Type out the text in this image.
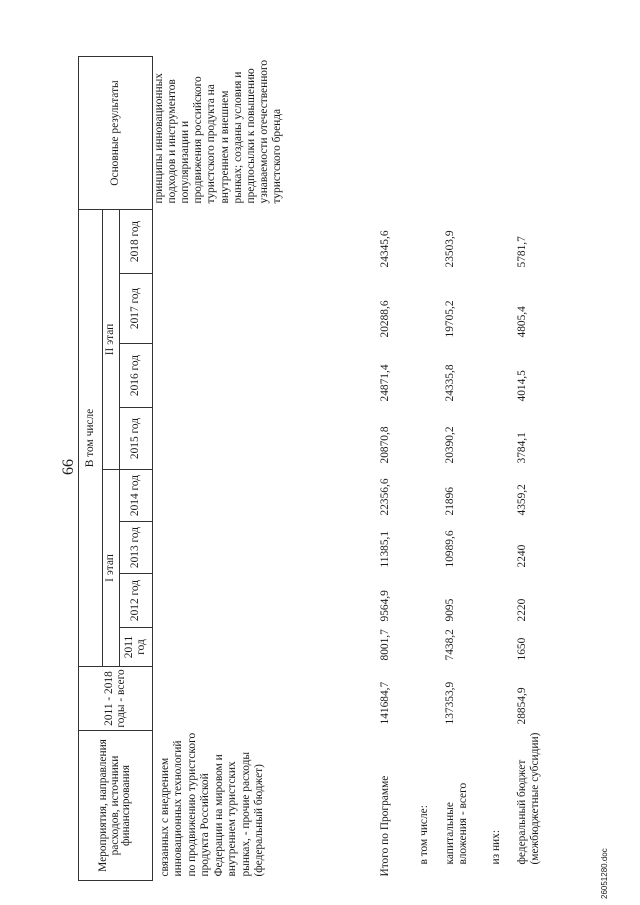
66
Мероприятия, направления расходов, источники финансирования	2011 - 2018 годы - всего	В том числе								Основные результаты
		I этап				II этап				
		2011 год	2012 год	2013 год	2014 год	2015 год	2016 год	2017 год	2018 год	

связанных с внедрением инновационных технологий по продвижению туристского продукта Российской Федерации на мировом и внутреннем туристских рынках, - прочие расходы (федеральный бюджет)										принципы инновационных подходов и инструментов популяризации и продвижения российского туристского продукта на внутреннем и внешнем рынках; созданы условия и предпосылки к повышению узнаваемости отечественного туристского бренда

Итого по Программе	141684,7	8001,7	9564,9	11385,1	22356,6	20870,8	24871,4	20288,6	24345,6	

в том числе:										

капитальные вложения - всего	137353,9	7438,2	9095	10989,6	21896	20390,2	24335,8	19705,2	23503,9	

из них:										

федеральный бюджет (межбюджетные субсидии)	28854,9	1650	2220	2240	4359,2	3784,1	4014,5	4805,4	5781,7	
26051280.doc
